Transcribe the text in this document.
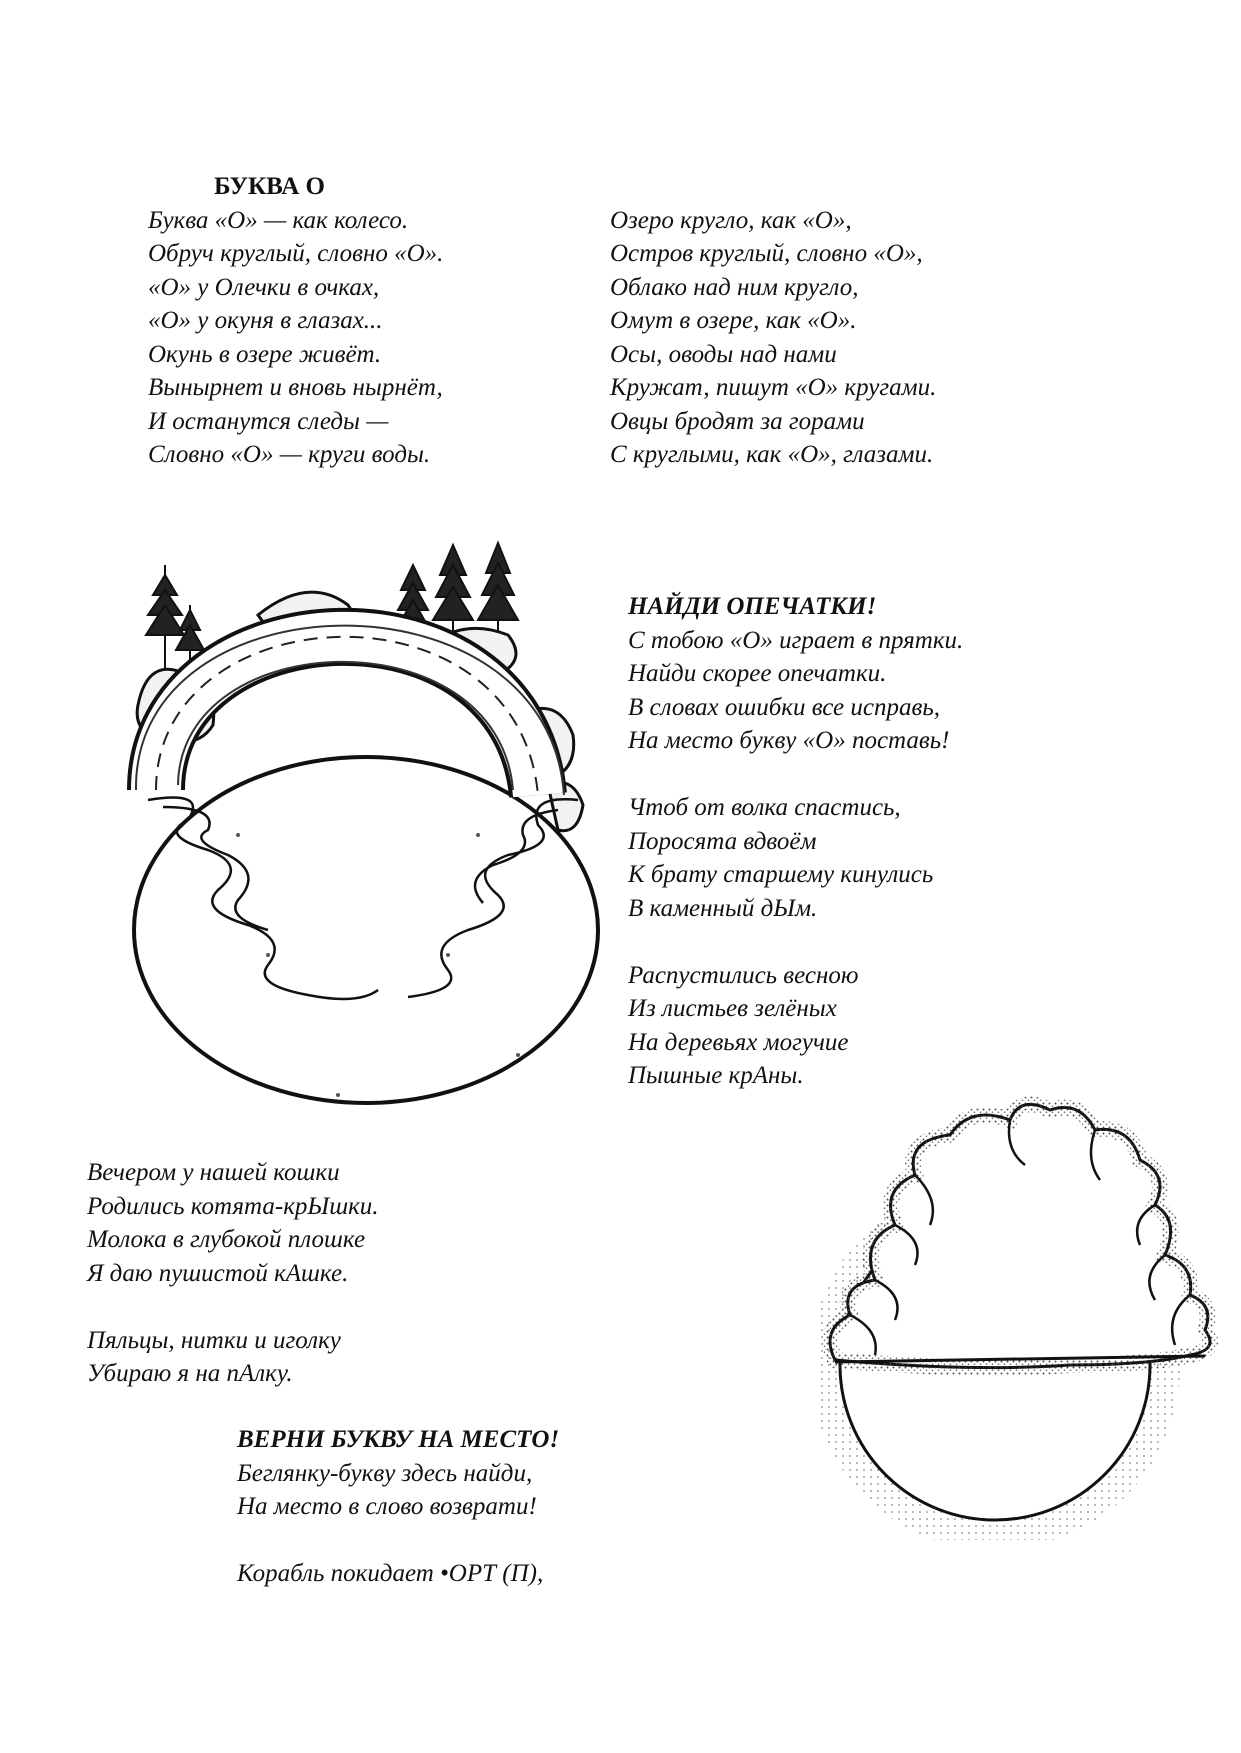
БУКВА О
Буква «О» — как колесо.
Обруч круглый, словно «О».
«О» у Олечки в очках,
«О» у окуня в глазах...
Окунь в озере живёт.
Вынырнет и вновь нырнёт,
И останутся следы —
Словно «О» — круги воды.
Озеро кругло, как «О»,
Остров круглый, словно «О»,
Облако над ним кругло,
Омут в озере, как «О».
Осы, оводы над нами
Кружат, пишут «О» кругами.
Овцы бродят за горами
С круглыми, как «О», глазами.
НАЙДИ ОПЕЧАТКИ!
С тобою «О» играет в прятки.
Найди скорее опечатки.
В словах ошибки все исправь,
На место букву «О» поставь!
Чтоб от волка спастись,
Поросята вдвоём
К брату старшему кинулись
В каменный дЫм.
Распустились весною
Из листьев зелёных
На деревьях могучие
Пышные крАны.
Вечером у нашей кошки
Родились котята-крЫшки.
Молока в глубокой плошке
Я даю пушистой кАшке.
Пяльцы, нитки и иголку
Убираю я на пАлку.
ВЕРНИ БУКВУ НА МЕСТО!
Беглянку-букву здесь найди,
На место в слово возврати!
Корабль покидает •ОРТ (П),
